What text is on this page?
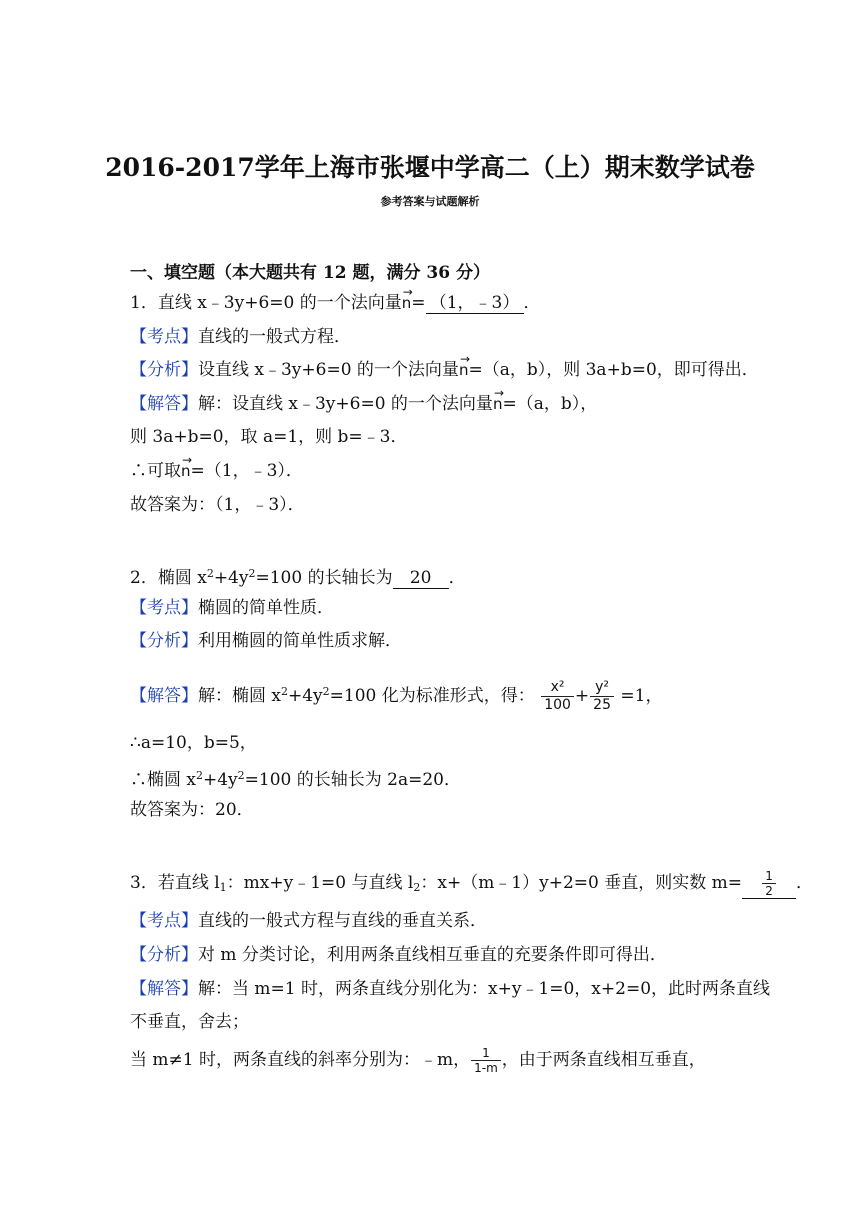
2016-2017学年上海市张堰中学高二（上）期末数学试卷
参考答案与试题解析
一、填空题（本大题共有 12 题，满分 36 分）
1．直线 x﹣3y+6=0 的一个法向量→ n= （1，﹣3） ．
【考点】直线的一般式方程．
【分析】设直线 x﹣3y+6=0 的一个法向量→ n=（a，b），则 3a+b=0，即可得出．
【解答】解：设直线 x﹣3y+6=0 的一个法向量→ n=（a，b），
则 3a+b=0，取 a=1，则 b=﹣3．
∴可取→ n=（1，﹣3）．
故答案为：（1，﹣3）．
2．椭圆 $x^2+4y^2=100$ 的长轴长为 20 ．
【考点】椭圆的简单性质．
【分析】利用椭圆的简单性质求解．
【解答】解：椭圆 $x^2+4y^2=100$ 化为标准形式，得： $\frac{\text{x²}}{100} + \frac{\text{y²}}{25} =1$，
∴a=10，b=5，
∴椭圆 $x^2+4y^2=100$ 的长轴长为 2a=20．
故答案为：20．
3．若直线 $l_1$：mx+y﹣1=0 与直线 $l_2$：x+（m﹣1）y+2=0 垂直，则实数 $m= \frac{1}{2}$ ．
【考点】直线的一般式方程与直线的垂直关系．
【分析】对 m 分类讨论，利用两条直线相互垂直的充要条件即可得出．
【解答】解：当 m=1 时，两条直线分别化为：x+y﹣1=0，x+2=0，此时两条直线
不垂直，舍去；
当 m≠1 时，两条直线的斜率分别为：﹣m， $\frac{1}{1-m}$ ，由于两条直线相互垂直，
